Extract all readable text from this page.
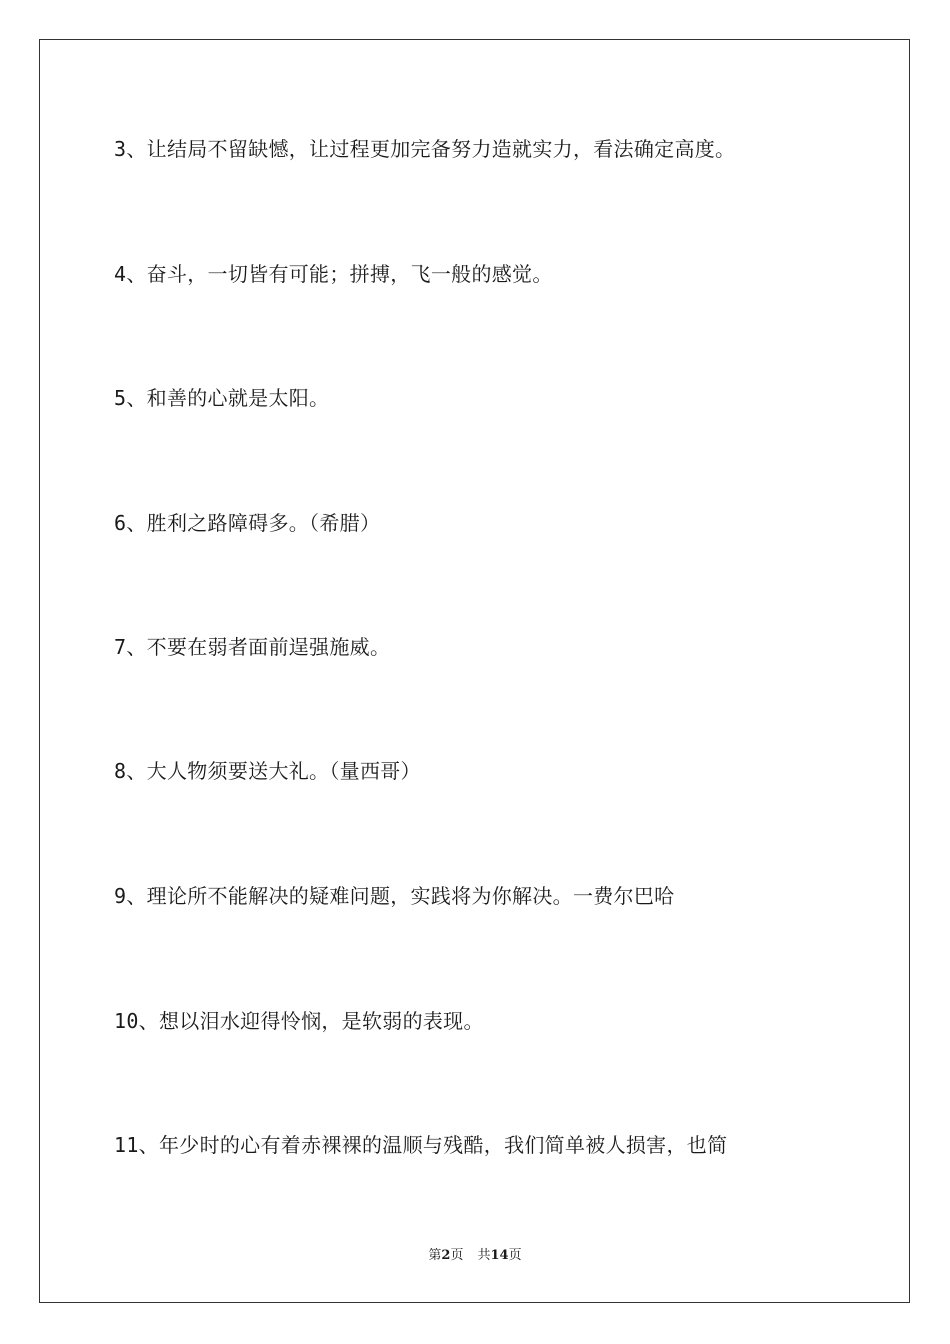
3、让结局不留缺憾，让过程更加完备努力造就实力，看法确定高度。
4、奋斗，一切皆有可能；拼搏，飞一般的感觉。
5、和善的心就是太阳。
6、胜利之路障碍多。（希腊）
7、不要在弱者面前逞强施威。
8、大人物须要送大礼。（量西哥）
9、理论所不能解决的疑难问题，实践将为你解决。一费尔巴哈
10、想以泪水迎得怜悯，是软弱的表现。
11、年少时的心有着赤裸裸的温顺与残酷，我们简单被人损害，也简
第2页 共14页
